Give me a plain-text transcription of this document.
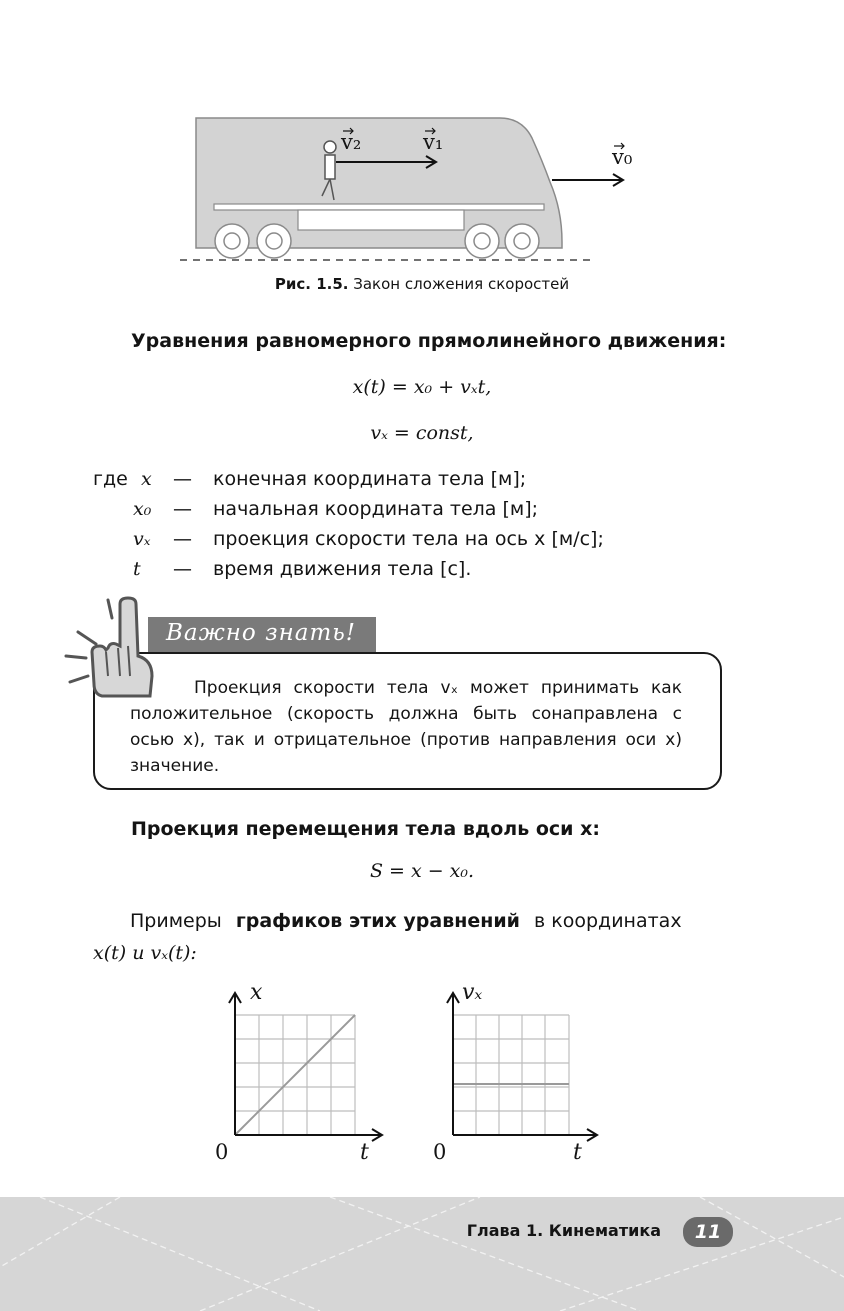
v₂	v₁
v₀
Рис. 1.5. Закон сложения скоростей
Уравнения равномерного прямолинейного движения:
x(t) = x₀ + vₓt,
vₓ = const,
где x	— конечная координата тела [м];
x₀	— начальная координата тела [м];
vₓ	— проекция скорости тела на ось x [м/с];
t	— время движения тела [с].
Важно знать!
Проекция скорости тела vₓ может принимать как положительное (скорость должна быть сонаправлена с осью x), так и отрицательное (против направления оси x) значение.
Проекция перемещения тела вдоль оси x:
S = x − x₀.
Примеры графиков этих уравнений в координатах
x(t) и vₓ(t):
x
t
0
vₓ
t
0
Глава 1. Кинематика	11
